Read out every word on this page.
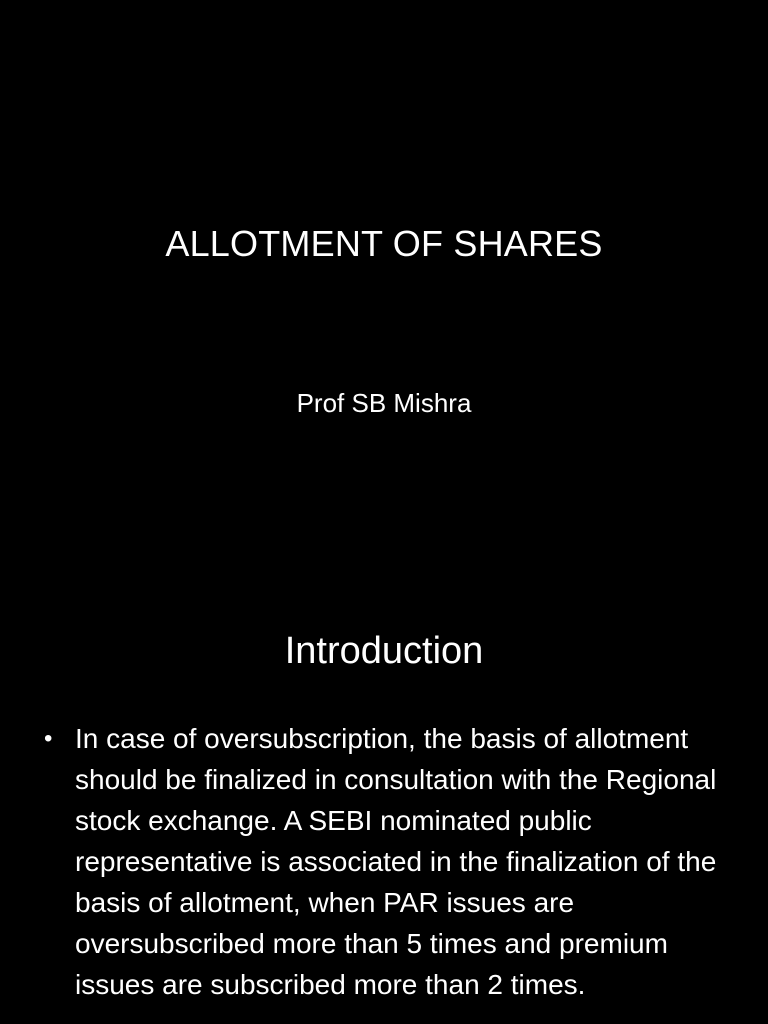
ALLOTMENT OF SHARES
Prof SB Mishra
Introduction
• In case of oversubscription, the basis of allotment should be finalized in consultation with the Regional stock exchange. A SEBI nominated public representative is associated in the finalization of the basis of allotment, when PAR issues are oversubscribed more than 5 times and premium issues are subscribed more than 2 times.
